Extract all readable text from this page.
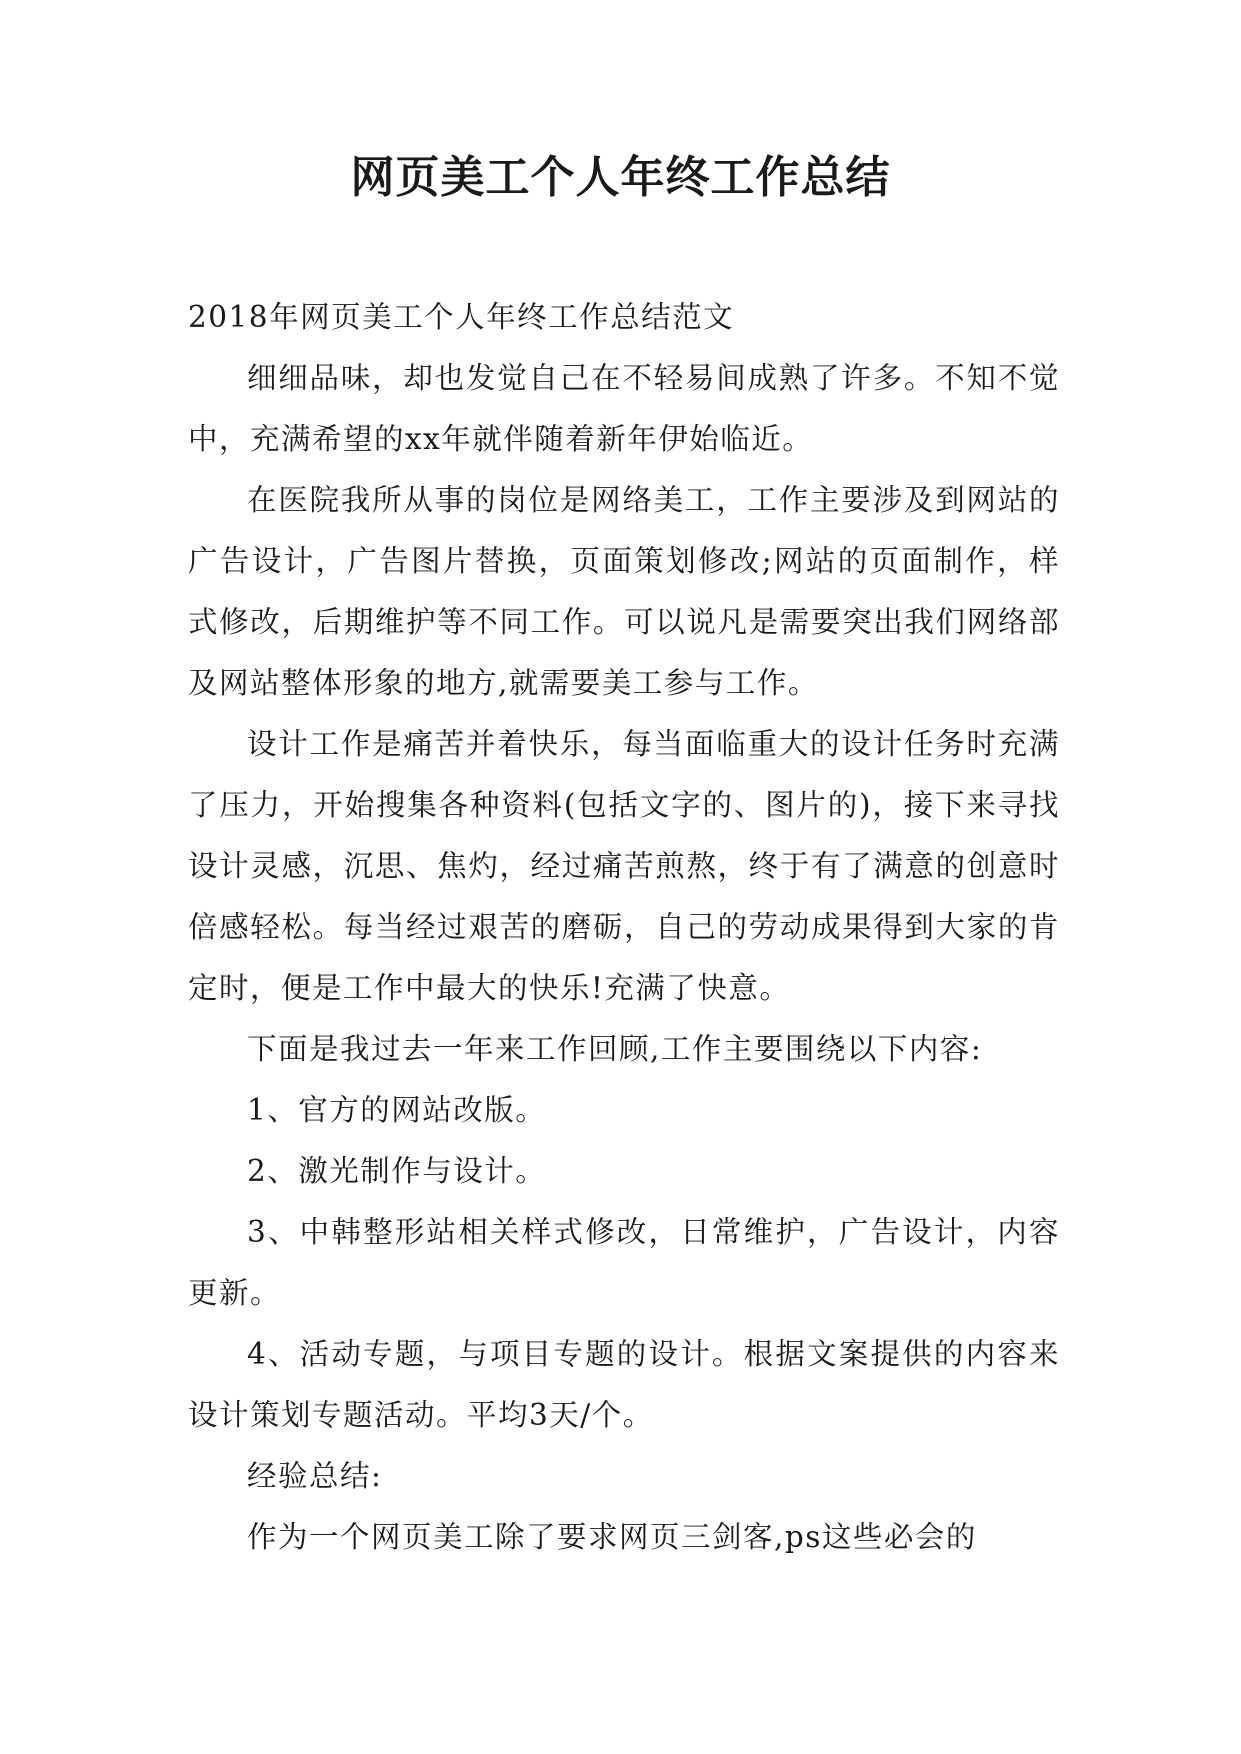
网页美工个人年终工作总结

2018年网页美工个人年终工作总结范文

细细品味，却也发觉自己在不轻易间成熟了许多。不知不觉中，充满希望的xx年就伴随着新年伊始临近。

在医院我所从事的岗位是网络美工，工作主要涉及到网站的广告设计，广告图片替换，页面策划修改;网站的页面制作，样式修改，后期维护等不同工作。可以说凡是需要突出我们网络部及网站整体形象的地方,就需要美工参与工作。

设计工作是痛苦并着快乐，每当面临重大的设计任务时充满了压力，开始搜集各种资料(包括文字的、图片的)，接下来寻找设计灵感，沉思、焦灼，经过痛苦煎熬，终于有了满意的创意时倍感轻松。每当经过艰苦的磨砺，自己的劳动成果得到大家的肯定时，便是工作中最大的快乐!充满了快意。

下面是我过去一年来工作回顾,工作主要围绕以下内容:

1、官方的网站改版。

2、激光制作与设计。

3、中韩整形站相关样式修改，日常维护，广告设计，内容更新。

4、活动专题，与项目专题的设计。根据文案提供的内容来设计策划专题活动。平均3天/个。

经验总结:

作为一个网页美工除了要求网页三剑客,ps这些必会的
